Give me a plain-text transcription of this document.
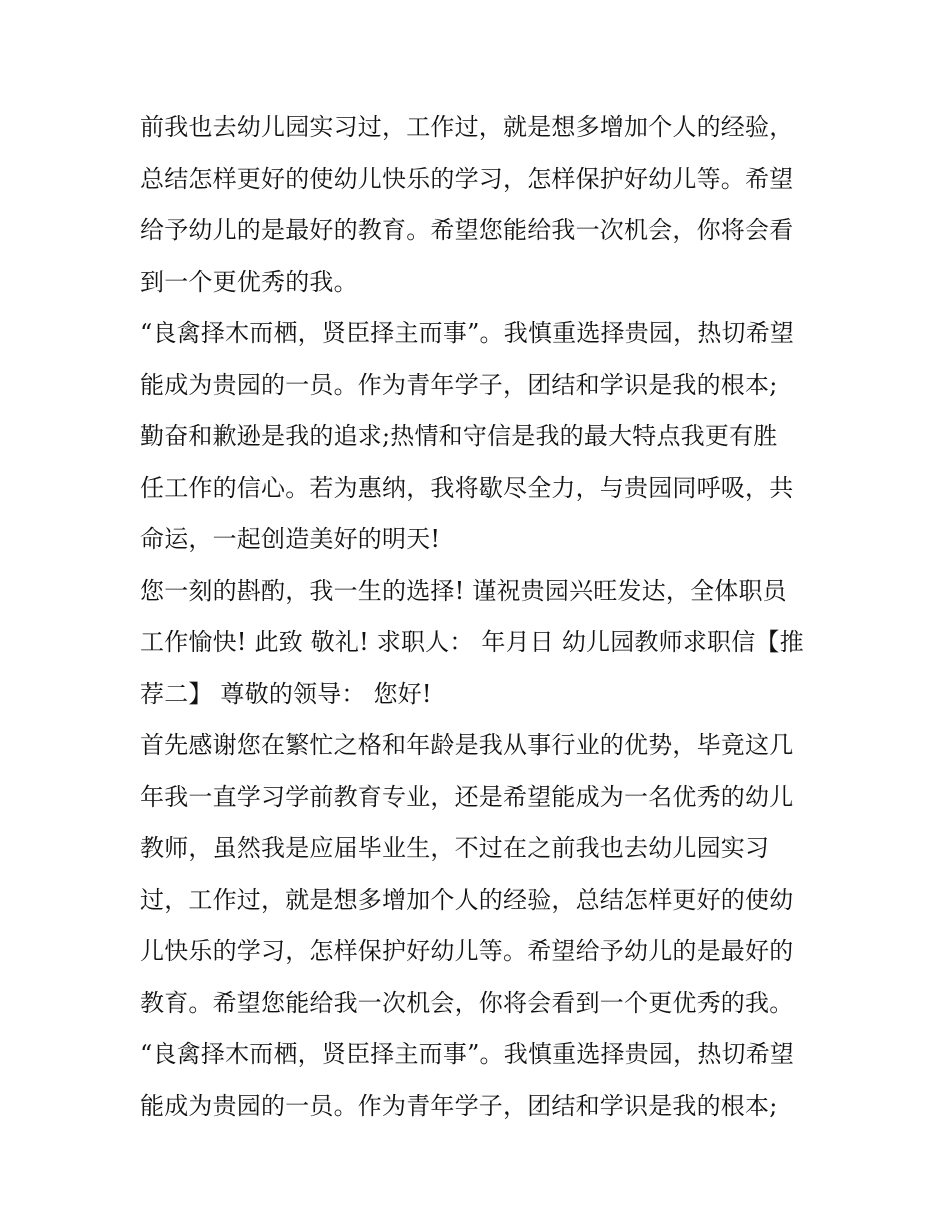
前我也去幼儿园实习过，工作过，就是想多增加个人的经验，
总结怎样更好的使幼儿快乐的学习，怎样保护好幼儿等。希望
给予幼儿的是最好的教育。希望您能给我一次机会，你将会看
到一个更优秀的我。
“良禽择木而栖，贤臣择主而事”。我慎重选择贵园，热切希望
能成为贵园的一员。作为青年学子，团结和学识是我的根本;
勤奋和歉逊是我的追求;热情和守信是我的最大特点我更有胜
任工作的信心。若为惠纳，我将歇尽全力，与贵园同呼吸，共
命运，一起创造美好的明天!
您一刻的斟酌，我一生的选择! 谨祝贵园兴旺发达，全体职员
工作愉快! 此致 敬礼! 求职人： 年月日 幼儿园教师求职信【推
荐二】 尊敬的领导： 您好!
首先感谢您在繁忙之格和年龄是我从事行业的优势，毕竟这几
年我一直学习学前教育专业，还是希望能成为一名优秀的幼儿
教师，虽然我是应届毕业生，不过在之前我也去幼儿园实习
过，工作过，就是想多增加个人的经验，总结怎样更好的使幼
儿快乐的学习，怎样保护好幼儿等。希望给予幼儿的是最好的
教育。希望您能给我一次机会，你将会看到一个更优秀的我。
“良禽择木而栖，贤臣择主而事”。我慎重选择贵园，热切希望
能成为贵园的一员。作为青年学子，团结和学识是我的根本;
